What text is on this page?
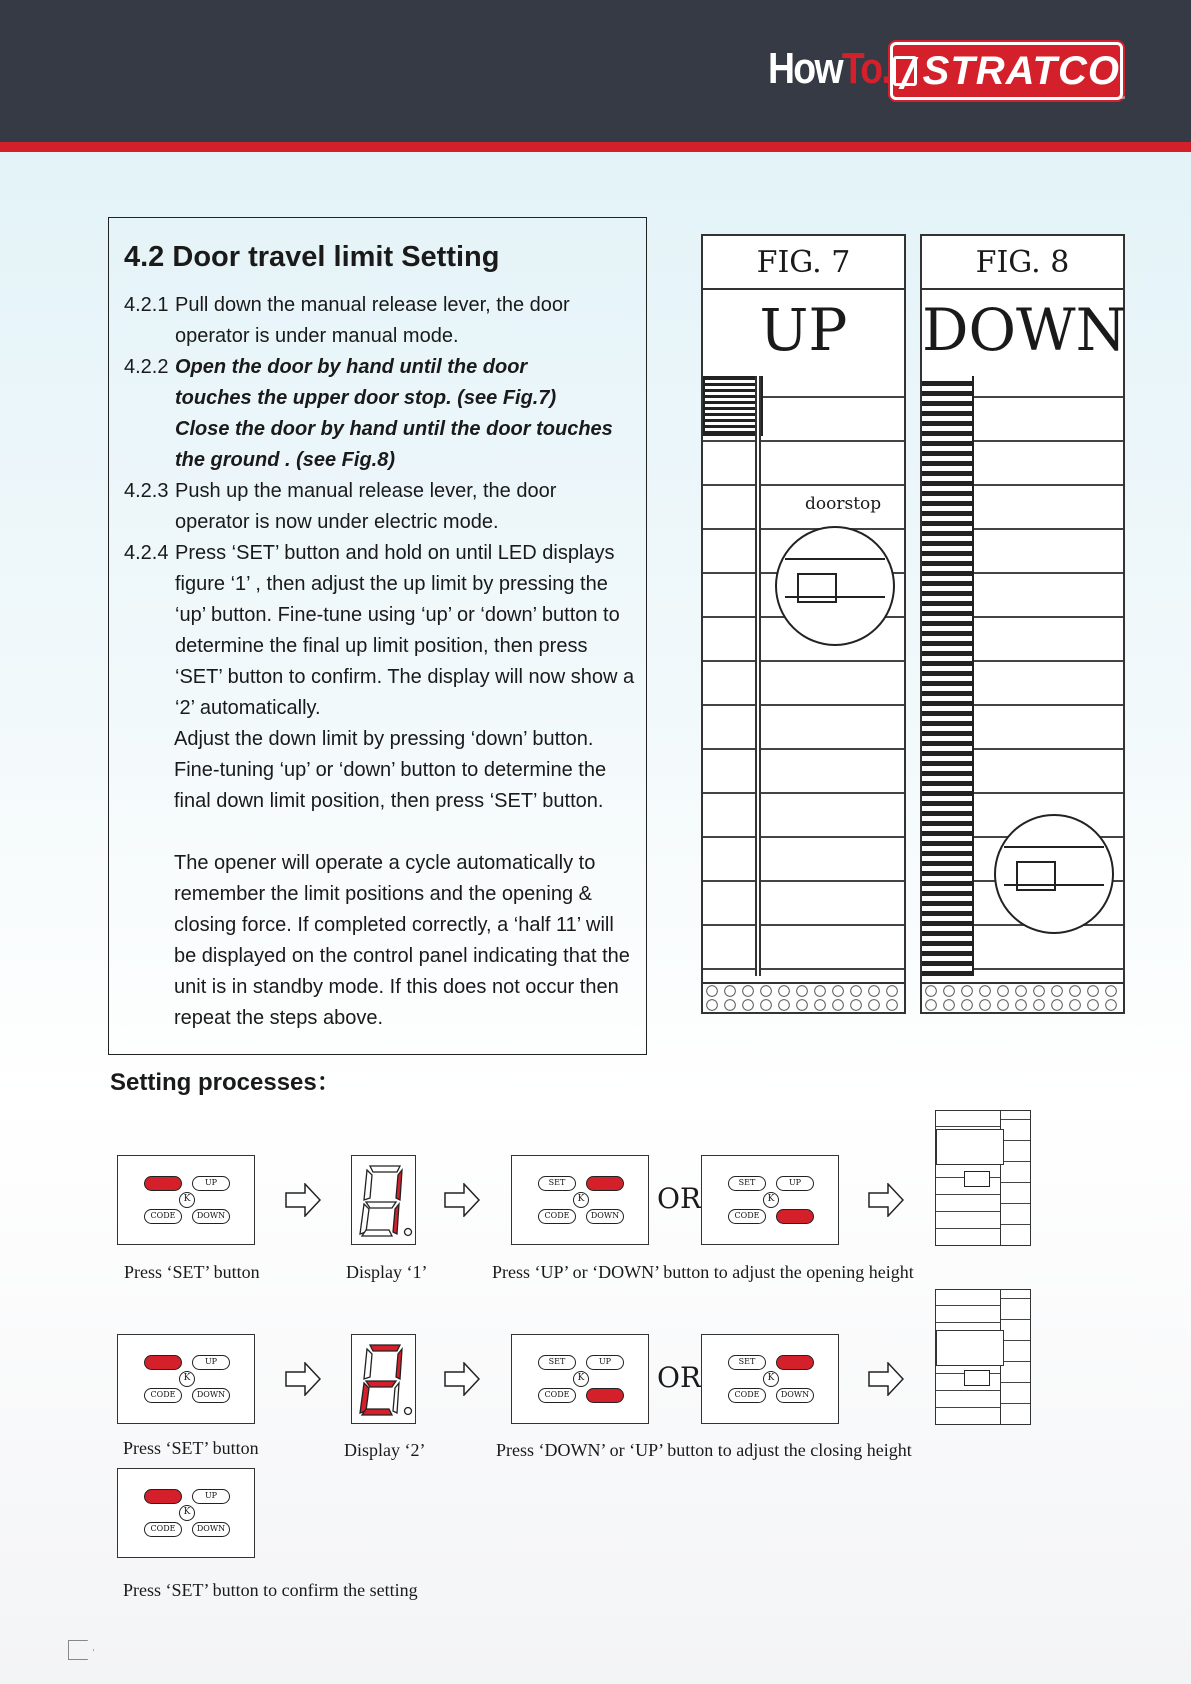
HowTo. STRATCO
™
4.2 Door travel limit Setting
4.2.1 Pull down the manual release lever, the door
operator is under manual mode.
4.2.2 Open the door by hand until the door
touches the upper door stop. (see Fig.7)
Close the door by hand until the door touches
the ground . (see Fig.8)
4.2.3 Push up the manual release lever, the door
operator is now under electric mode.
4.2.4 Press ‘SET’ button and hold on until LED displays
figure ‘1’ , then adjust the up limit by pressing the
‘up’ button. Fine-tune using ‘up’ or ‘down’ button to
determine the final up limit position, then press
‘SET’ button to confirm. The display will now show a
‘2’ automatically.
Adjust the down limit by pressing ‘down’ button.
Fine-tuning ‘up’ or ‘down’ button to determine the
final down limit position, then press ‘SET’ button.
The opener will operate a cycle automatically to
remember the limit positions and the opening &
closing force. If completed correctly, a ‘half 11’ will
be displayed on the control panel indicating that the
unit is in standby mode. If this does not occur then
repeat the steps above.
FIG. 7
UP
doorstop
FIG. 8
DOWN
Setting processes：
SET	UP
K
CODE	DOWN
SET	UP
K
CODE	DOWN
OR	SET	UP
K
CODE	DOWN
Press ‘SET’ button	Display ‘1’	Press ‘UP’ or ‘DOWN’ button to adjust the opening height
SET	UP
K
CODE	DOWN
SET	UP
K
CODE	DOWN
OR	SET	UP
K
CODE	DOWN
Press ‘SET’ button	Display ‘2’	Press ‘DOWN’ or ‘UP’ button to adjust the closing height
SET	UP
K
CODE	DOWN
Press ‘SET’ button to confirm the setting
